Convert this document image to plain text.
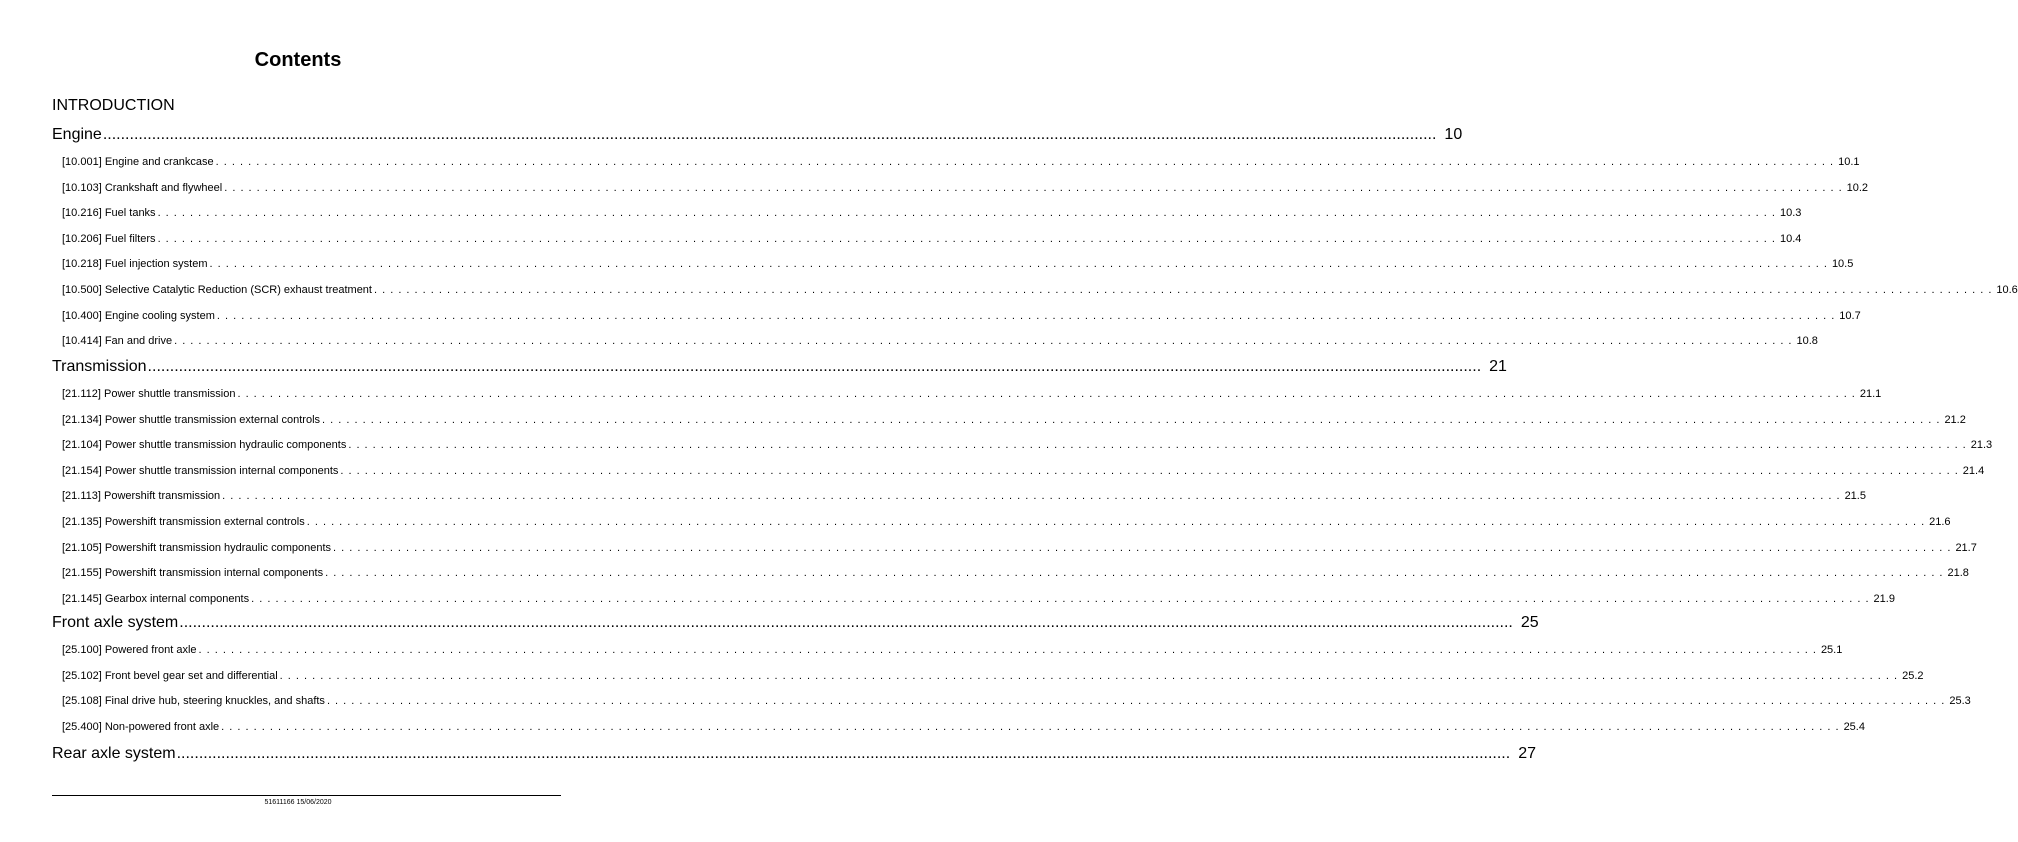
Contents
INTRODUCTION
Engine ............................................................................................................................................................................................................................................................................................................ 10
[10.001] Engine and crankcase . . . . . . . . . . . . . . . . . . . . . . . . . . . . . . . . . . . . . . . . . . . . . . . . . . . . . . . . . . . . . . . . . . . . . . . . . . . . . . . . . . . . . . . . . . . . . . . . . . . . . . . . . . . . . . . . . . . . . . . . . . . . . . . . . . . . . . . . . . . . . . . . . . . . . . . . . . . . . . . . . . . . . . . . . . . . . . . . . . . . . . . . . . . . . . . . . . . . . . . . 10.1
[10.103] Crankshaft and flywheel . . . . . . . . . . . . . . . . . . . . . . . . . . . . . . . . . . . . . . . . . . . . . . . . . . . . . . . . . . . . . . . . . . . . . . . . . . . . . . . . . . . . . . . . . . . . . . . . . . . . . . . . . . . . . . . . . . . . . . . . . . . . . . . . . . . . . . . . . . . . . . . . . . . . . . . . . . . . . . . . . . . . . . . . . . . . . . . . . . . . . . . . . . . . . . . . . . . . . . . . 10.2
[10.216] Fuel tanks . . . . . . . . . . . . . . . . . . . . . . . . . . . . . . . . . . . . . . . . . . . . . . . . . . . . . . . . . . . . . . . . . . . . . . . . . . . . . . . . . . . . . . . . . . . . . . . . . . . . . . . . . . . . . . . . . . . . . . . . . . . . . . . . . . . . . . . . . . . . . . . . . . . . . . . . . . . . . . . . . . . . . . . . . . . . . . . . . . . . . . . . . . . . . . . . . . . . . . . . 10.3
[10.206] Fuel filters . . . . . . . . . . . . . . . . . . . . . . . . . . . . . . . . . . . . . . . . . . . . . . . . . . . . . . . . . . . . . . . . . . . . . . . . . . . . . . . . . . . . . . . . . . . . . . . . . . . . . . . . . . . . . . . . . . . . . . . . . . . . . . . . . . . . . . . . . . . . . . . . . . . . . . . . . . . . . . . . . . . . . . . . . . . . . . . . . . . . . . . . . . . . . . . . . . . . . . . . 10.4
[10.218] Fuel injection system . . . . . . . . . . . . . . . . . . . . . . . . . . . . . . . . . . . . . . . . . . . . . . . . . . . . . . . . . . . . . . . . . . . . . . . . . . . . . . . . . . . . . . . . . . . . . . . . . . . . . . . . . . . . . . . . . . . . . . . . . . . . . . . . . . . . . . . . . . . . . . . . . . . . . . . . . . . . . . . . . . . . . . . . . . . . . . . . . . . . . . . . . . . . . . . . . . . . . . . . 10.5
[10.500] Selective Catalytic Reduction (SCR) exhaust treatment . . . . . . . . . . . . . . . . . . . . . . . . . . . . . . . . . . . . . . . . . . . . . . . . . . . . . . . . . . . . . . . . . . . . . . . . . . . . . . . . . . . . . . . . . . . . . . . . . . . . . . . . . . . . . . . . . . . . . . . . . . . . . . . . . . . . . . . . . . . . . . . . . . . . . . . . . . . . . . . . . . . . . . . . . . . . . . . . . . . . . . . . . . . . . . . . . . . . . . . . 10.6
[10.400] Engine cooling system . . . . . . . . . . . . . . . . . . . . . . . . . . . . . . . . . . . . . . . . . . . . . . . . . . . . . . . . . . . . . . . . . . . . . . . . . . . . . . . . . . . . . . . . . . . . . . . . . . . . . . . . . . . . . . . . . . . . . . . . . . . . . . . . . . . . . . . . . . . . . . . . . . . . . . . . . . . . . . . . . . . . . . . . . . . . . . . . . . . . . . . . . . . . . . . . . . . . . . . . 10.7
[10.414] Fan and drive . . . . . . . . . . . . . . . . . . . . . . . . . . . . . . . . . . . . . . . . . . . . . . . . . . . . . . . . . . . . . . . . . . . . . . . . . . . . . . . . . . . . . . . . . . . . . . . . . . . . . . . . . . . . . . . . . . . . . . . . . . . . . . . . . . . . . . . . . . . . . . . . . . . . . . . . . . . . . . . . . . . . . . . . . . . . . . . . . . . . . . . . . . . . . . . . . . . . . . . . 10.8
Transmission ............................................................................................................................................................................................................................................................................................................ 21
[21.112] Power shuttle transmission . . . . . . . . . . . . . . . . . . . . . . . . . . . . . . . . . . . . . . . . . . . . . . . . . . . . . . . . . . . . . . . . . . . . . . . . . . . . . . . . . . . . . . . . . . . . . . . . . . . . . . . . . . . . . . . . . . . . . . . . . . . . . . . . . . . . . . . . . . . . . . . . . . . . . . . . . . . . . . . . . . . . . . . . . . . . . . . . . . . . . . . . . . . . . . . . . . . . . . . . 21.1
[21.134] Power shuttle transmission external controls . . . . . . . . . . . . . . . . . . . . . . . . . . . . . . . . . . . . . . . . . . . . . . . . . . . . . . . . . . . . . . . . . . . . . . . . . . . . . . . . . . . . . . . . . . . . . . . . . . . . . . . . . . . . . . . . . . . . . . . . . . . . . . . . . . . . . . . . . . . . . . . . . . . . . . . . . . . . . . . . . . . . . . . . . . . . . . . . . . . . . . . . . . . . . . . . . . . . . . . . 21.2
[21.104] Power shuttle transmission hydraulic components . . . . . . . . . . . . . . . . . . . . . . . . . . . . . . . . . . . . . . . . . . . . . . . . . . . . . . . . . . . . . . . . . . . . . . . . . . . . . . . . . . . . . . . . . . . . . . . . . . . . . . . . . . . . . . . . . . . . . . . . . . . . . . . . . . . . . . . . . . . . . . . . . . . . . . . . . . . . . . . . . . . . . . . . . . . . . . . . . . . . . . . . . . . . . . . . . . . . . . . . 21.3
[21.154] Power shuttle transmission internal components . . . . . . . . . . . . . . . . . . . . . . . . . . . . . . . . . . . . . . . . . . . . . . . . . . . . . . . . . . . . . . . . . . . . . . . . . . . . . . . . . . . . . . . . . . . . . . . . . . . . . . . . . . . . . . . . . . . . . . . . . . . . . . . . . . . . . . . . . . . . . . . . . . . . . . . . . . . . . . . . . . . . . . . . . . . . . . . . . . . . . . . . . . . . . . . . . . . . . . . . 21.4
[21.113] Powershift transmission . . . . . . . . . . . . . . . . . . . . . . . . . . . . . . . . . . . . . . . . . . . . . . . . . . . . . . . . . . . . . . . . . . . . . . . . . . . . . . . . . . . . . . . . . . . . . . . . . . . . . . . . . . . . . . . . . . . . . . . . . . . . . . . . . . . . . . . . . . . . . . . . . . . . . . . . . . . . . . . . . . . . . . . . . . . . . . . . . . . . . . . . . . . . . . . . . . . . . . . . 21.5
[21.135] Powershift transmission external controls . . . . . . . . . . . . . . . . . . . . . . . . . . . . . . . . . . . . . . . . . . . . . . . . . . . . . . . . . . . . . . . . . . . . . . . . . . . . . . . . . . . . . . . . . . . . . . . . . . . . . . . . . . . . . . . . . . . . . . . . . . . . . . . . . . . . . . . . . . . . . . . . . . . . . . . . . . . . . . . . . . . . . . . . . . . . . . . . . . . . . . . . . . . . . . . . . . . . . . . . 21.6
[21.105] Powershift transmission hydraulic components . . . . . . . . . . . . . . . . . . . . . . . . . . . . . . . . . . . . . . . . . . . . . . . . . . . . . . . . . . . . . . . . . . . . . . . . . . . . . . . . . . . . . . . . . . . . . . . . . . . . . . . . . . . . . . . . . . . . . . . . . . . . . . . . . . . . . . . . . . . . . . . . . . . . . . . . . . . . . . . . . . . . . . . . . . . . . . . . . . . . . . . . . . . . . . . . . . . . . . . . 21.7
[21.155] Powershift transmission internal components . . . . . . . . . . . . . . . . . . . . . . . . . . . . . . . . . . . . . . . . . . . . . . . . . . . . . . . . . . . . . . . . . . . . . . . . . . . . . . . . . . . . . . . . . . . . . . . . . . . . . . . . . . . . . . . . . . . . . . . . . . . . . . . . . . . . . . . . . . . . . . . . . . . . . . . . . . . . . . . . . . . . . . . . . . . . . . . . . . . . . . . . . . . . . . . . . . . . . . . . 21.8
[21.145] Gearbox internal components . . . . . . . . . . . . . . . . . . . . . . . . . . . . . . . . . . . . . . . . . . . . . . . . . . . . . . . . . . . . . . . . . . . . . . . . . . . . . . . . . . . . . . . . . . . . . . . . . . . . . . . . . . . . . . . . . . . . . . . . . . . . . . . . . . . . . . . . . . . . . . . . . . . . . . . . . . . . . . . . . . . . . . . . . . . . . . . . . . . . . . . . . . . . . . . . . . . . . . . . 21.9
Front axle system ............................................................................................................................................................................................................................................................................................................ 25
[25.100] Powered front axle . . . . . . . . . . . . . . . . . . . . . . . . . . . . . . . . . . . . . . . . . . . . . . . . . . . . . . . . . . . . . . . . . . . . . . . . . . . . . . . . . . . . . . . . . . . . . . . . . . . . . . . . . . . . . . . . . . . . . . . . . . . . . . . . . . . . . . . . . . . . . . . . . . . . . . . . . . . . . . . . . . . . . . . . . . . . . . . . . . . . . . . . . . . . . . . . . . . . . . . . 25.1
[25.102] Front bevel gear set and differential . . . . . . . . . . . . . . . . . . . . . . . . . . . . . . . . . . . . . . . . . . . . . . . . . . . . . . . . . . . . . . . . . . . . . . . . . . . . . . . . . . . . . . . . . . . . . . . . . . . . . . . . . . . . . . . . . . . . . . . . . . . . . . . . . . . . . . . . . . . . . . . . . . . . . . . . . . . . . . . . . . . . . . . . . . . . . . . . . . . . . . . . . . . . . . . . . . . . . . . . 25.2
[25.108] Final drive hub, steering knuckles, and shafts . . . . . . . . . . . . . . . . . . . . . . . . . . . . . . . . . . . . . . . . . . . . . . . . . . . . . . . . . . . . . . . . . . . . . . . . . . . . . . . . . . . . . . . . . . . . . . . . . . . . . . . . . . . . . . . . . . . . . . . . . . . . . . . . . . . . . . . . . . . . . . . . . . . . . . . . . . . . . . . . . . . . . . . . . . . . . . . . . . . . . . . . . . . . . . . . . . . . . . . . 25.3
[25.400] Non-powered front axle . . . . . . . . . . . . . . . . . . . . . . . . . . . . . . . . . . . . . . . . . . . . . . . . . . . . . . . . . . . . . . . . . . . . . . . . . . . . . . . . . . . . . . . . . . . . . . . . . . . . . . . . . . . . . . . . . . . . . . . . . . . . . . . . . . . . . . . . . . . . . . . . . . . . . . . . . . . . . . . . . . . . . . . . . . . . . . . . . . . . . . . . . . . . . . . . . . . . . . . . 25.4
Rear axle system ............................................................................................................................................................................................................................................................................................................ 27
51611166 15/06/2020
